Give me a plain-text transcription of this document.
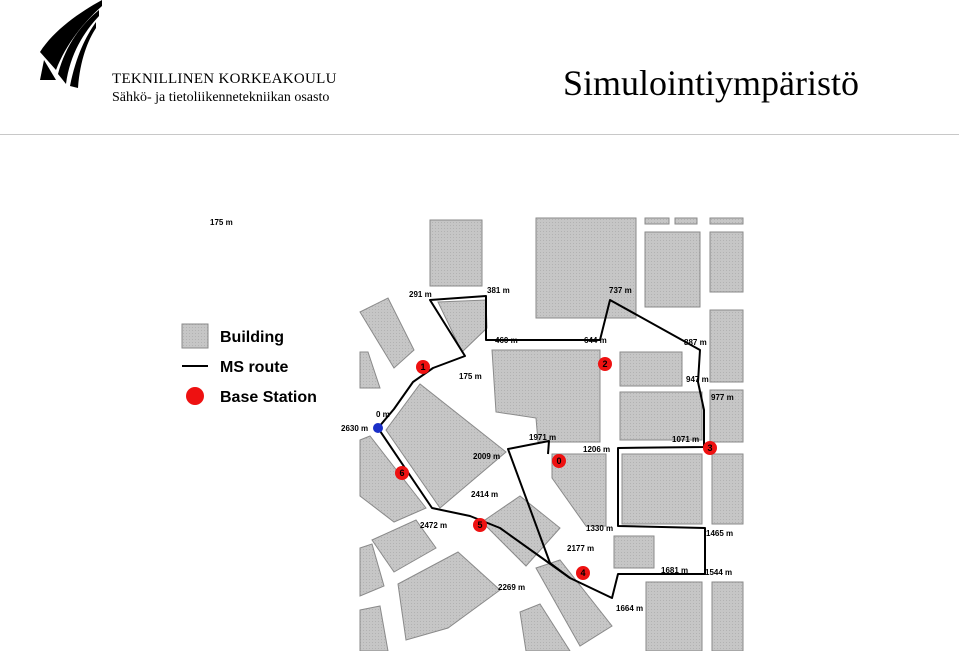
TEKNILLINEN KORKEAKOULU
Sähkö- ja tietoliikennetekniikan osasto	Simulointiympäristö
291 m	381 m	737 m
460 m	644 m	887 m
175 m	947 m
977 m
0 m
2630 m
1971 m
1206 m
1071 m
2009 m
2414 m
2472 m	1330 m
1465 m
2177 m
1681 m 1544 m
2269 m
1664 m
0
1	2
3
4
5
6
Building
MS route
Base Station
175 m
